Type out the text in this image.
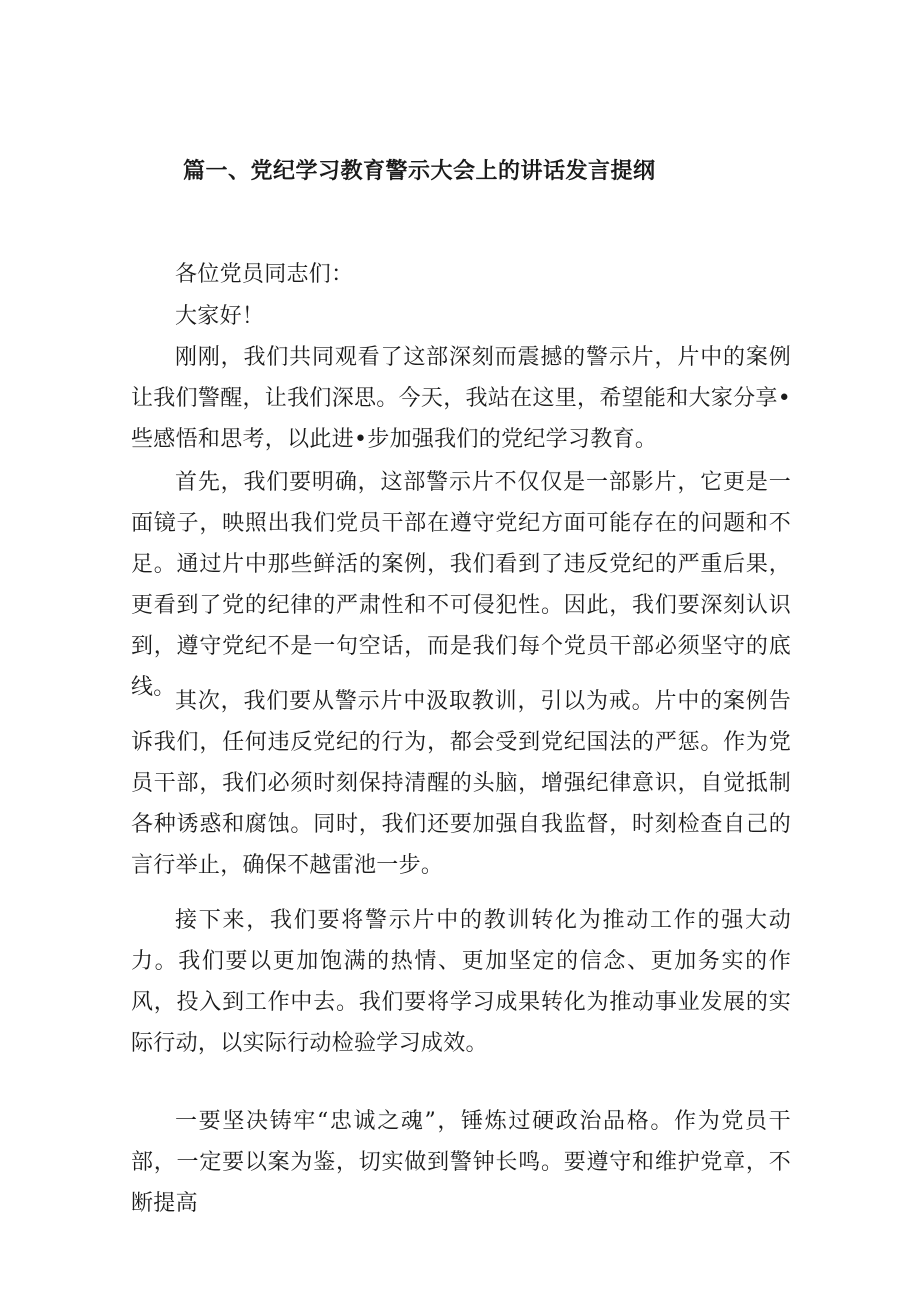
篇一、党纪学习教育警示大会上的讲话发言提纲

各位党员同志们：

大家好！

刚刚，我们共同观看了这部深刻而震撼的警示片，片中的案例让我们警醒，让我们深思。今天，我站在这里，希望能和大家分享•些感悟和思考，以此进•步加强我们的党纪学习教育。

首先，我们要明确，这部警示片不仅仅是一部影片，它更是一面镜子，映照出我们党员干部在遵守党纪方面可能存在的问题和不足。通过片中那些鲜活的案例，我们看到了违反党纪的严重后果，更看到了党的纪律的严肃性和不可侵犯性。因此，我们要深刻认识到，遵守党纪不是一句空话，而是我们每个党员干部必须坚守的底线。

其次，我们要从警示片中汲取教训，引以为戒。片中的案例告诉我们，任何违反党纪的行为，都会受到党纪国法的严惩。作为党员干部，我们必须时刻保持清醒的头脑，增强纪律意识，自觉抵制各种诱惑和腐蚀。同时，我们还要加强自我监督，时刻检查自己的言行举止，确保不越雷池一步。

接下来，我们要将警示片中的教训转化为推动工作的强大动力。我们要以更加饱满的热情、更加坚定的信念、更加务实的作风，投入到工作中去。我们要将学习成果转化为推动事业发展的实际行动，以实际行动检验学习成效。

一要坚决铸牢“忠诚之魂”，锤炼过硬政治品格。作为党员干部，一定要以案为鉴，切实做到警钟长鸣。要遵守和维护党章，不断提高
